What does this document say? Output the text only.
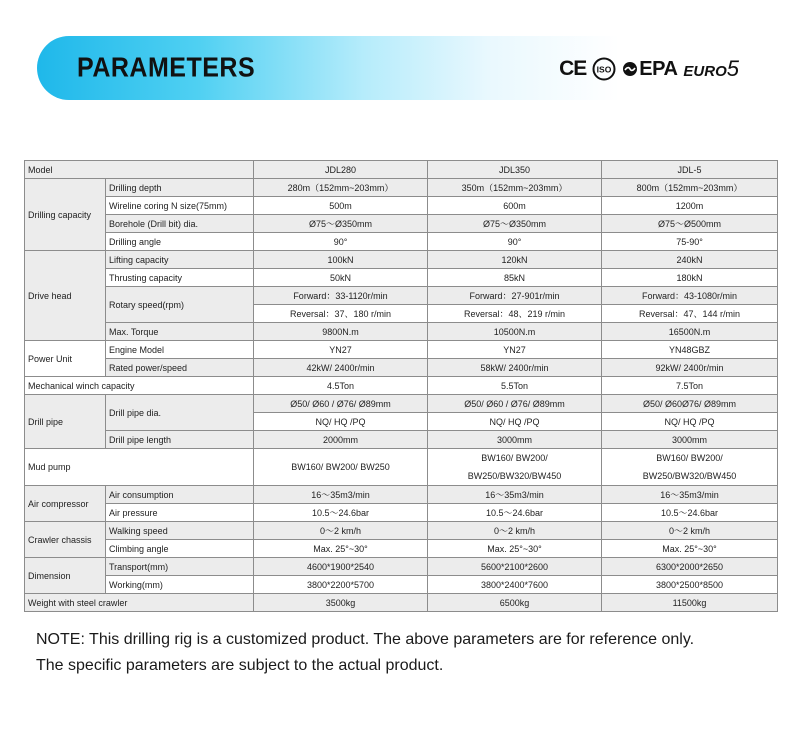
PARAMETERS	CE ISO EPA EURO5
Model		JDL280	JDL350	JDL-5
Drilling capacity	Drilling depth	280m（152mm~203mm）	350m（152mm~203mm）	800m（152mm~203mm）
	Wireline coring N size(75mm)	500m	600m	1200m
	Borehole (Drill bit) dia.	Ø75～Ø350mm	Ø75～Ø350mm	Ø75～Ø500mm
	Drilling angle	90°	90°	75-90°
Drive head	Lifting capacity	100kN	120kN	240kN
	Thrusting capacity	50kN	85kN	180kN
	Rotary speed(rpm)	Forward：33-1120r/min	Forward：27-901r/min	Forward：43-1080r/min
		Reversal：37、180 r/min	Reversal：48、219 r/min	Reversal：47、144 r/min
	Max. Torque	9800N.m	10500N.m	16500N.m
Power Unit	Engine Model	YN27	YN27	YN48GBZ
	Rated power/speed	42kW/ 2400r/min	58kW/ 2400r/min	92kW/ 2400r/min
Mechanical winch capacity		4.5Ton	5.5Ton	7.5Ton
Drill pipe	Drill pipe dia.	Ø50/ Ø60 / Ø76/ Ø89mm	Ø50/ Ø60 / Ø76/ Ø89mm	Ø50/ Ø60Ø76/ Ø89mm
		NQ/ HQ /PQ	NQ/ HQ /PQ	NQ/ HQ /PQ
	Drill pipe length	2000mm	3000mm	3000mm
Mud pump		BW160/ BW200/ BW250	BW160/ BW200/
BW250/BW320/BW450	BW160/ BW200/
BW250/BW320/BW450
Air compressor	Air consumption	16～35m3/min	16～35m3/min	16～35m3/min
	Air pressure	10.5～24.6bar	10.5～24.6bar	10.5～24.6bar
Crawler chassis	Walking speed	0～2 km/h	0～2 km/h	0～2 km/h
	Climbing angle	Max. 25°~30°	Max. 25°~30°	Max. 25°~30°
Dimension	Transport(mm)	4600*1900*2540	5600*2100*2600	6300*2000*2650
	Working(mm)	3800*2200*5700	3800*2400*7600	3800*2500*8500
Weight with steel crawler		3500kg	6500kg	11500kg
NOTE: This drilling rig is a customized product. The above parameters are for reference only.
The specific parameters are subject to the actual product.
